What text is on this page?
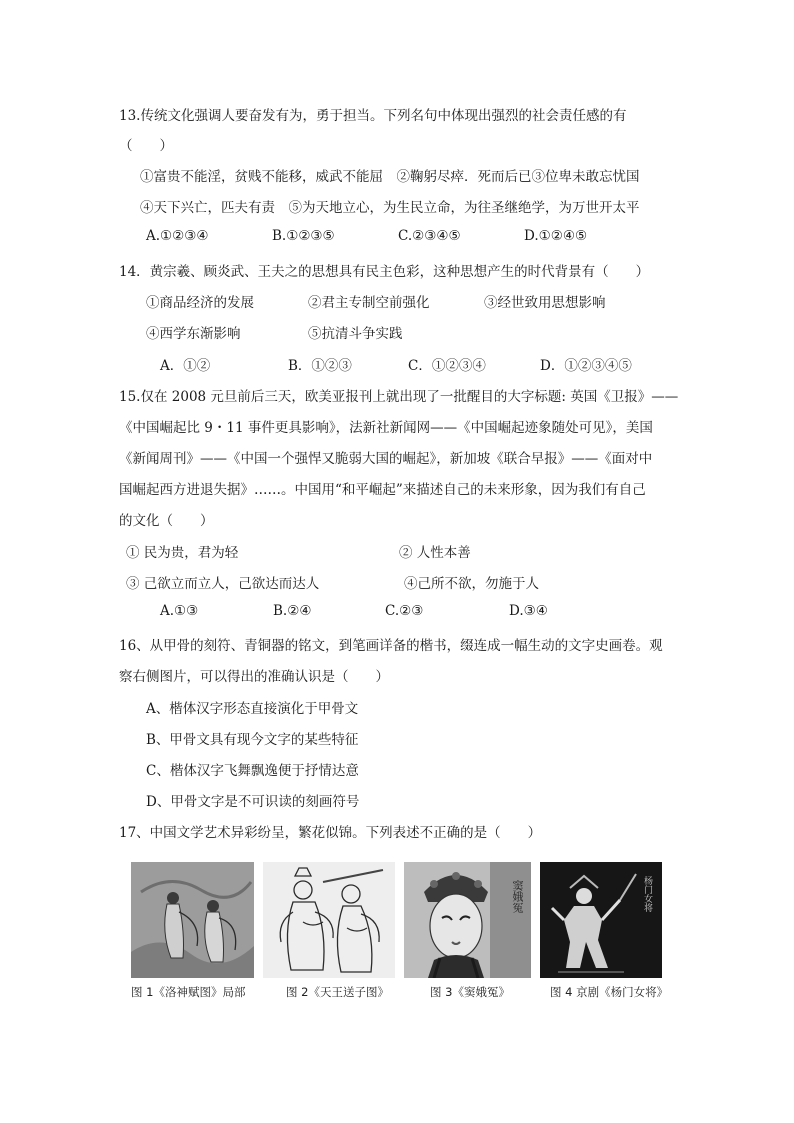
13.传统文化强调人要奋发有为，勇于担当。下列名句中体现出强烈的社会责任感的有
（　　）
①富贵不能淫，贫贱不能移，威武不能屈　②鞠躬尽瘁．死而后已③位卑未敢忘忧国
④天下兴亡，匹夫有责　⑤为天地立心，为生民立命，为往圣继绝学，为万世开太平
A.①②③④	B.①②③⑤	C.②③④⑤	D.①②④⑤
14．黄宗羲、顾炎武、王夫之的思想具有民主色彩，这种思想产生的时代背景有（　　）
①商品经济的发展	②君主专制空前强化	③经世致用思想影响
④西学东渐影响	⑤抗清斗争实践
A．①②	B．①②③	C．①②③④	D．①②③④⑤
15.仅在 2008 元旦前后三天，欧美亚报刊上就出现了一批醒目的大字标题: 英国《卫报》——
《中国崛起比 9・11 事件更具影响》，法新社新闻网——《中国崛起迹象随处可见》，美国
《新闻周刊》——《中国一个强悍又脆弱大国的崛起》，新加坡《联合早报》——《面对中
国崛起西方进退失据》……。中国用“和平崛起”来描述自己的未来形象，因为我们有自己
的文化（　　）
① 民为贵，君为轻	② 人性本善
③ 己欲立而立人，己欲达而达人	④己所不欲，勿施于人
A.①③	B.②④	C.②③	D.③④
16、从甲骨的刻符、青铜器的铭文，到笔画详备的楷书，缀连成一幅生动的文字史画卷。观
察右侧图片，可以得出的准确认识是（　　）
A、楷体汉字形态直接演化于甲骨文
B、甲骨文具有现今文字的某些特征
C、楷体汉字飞舞飘逸便于抒情达意
D、甲骨文字是不可识读的刻画符号
17、中国文学艺术异彩纷呈，繁花似锦。下列表述不正确的是（　　）
窦娥冤	杨门女将
图 1《洛神赋图》局部	图 2《天王送子图》	图 3《窦娥冤》	图 4 京剧《杨门女将》
